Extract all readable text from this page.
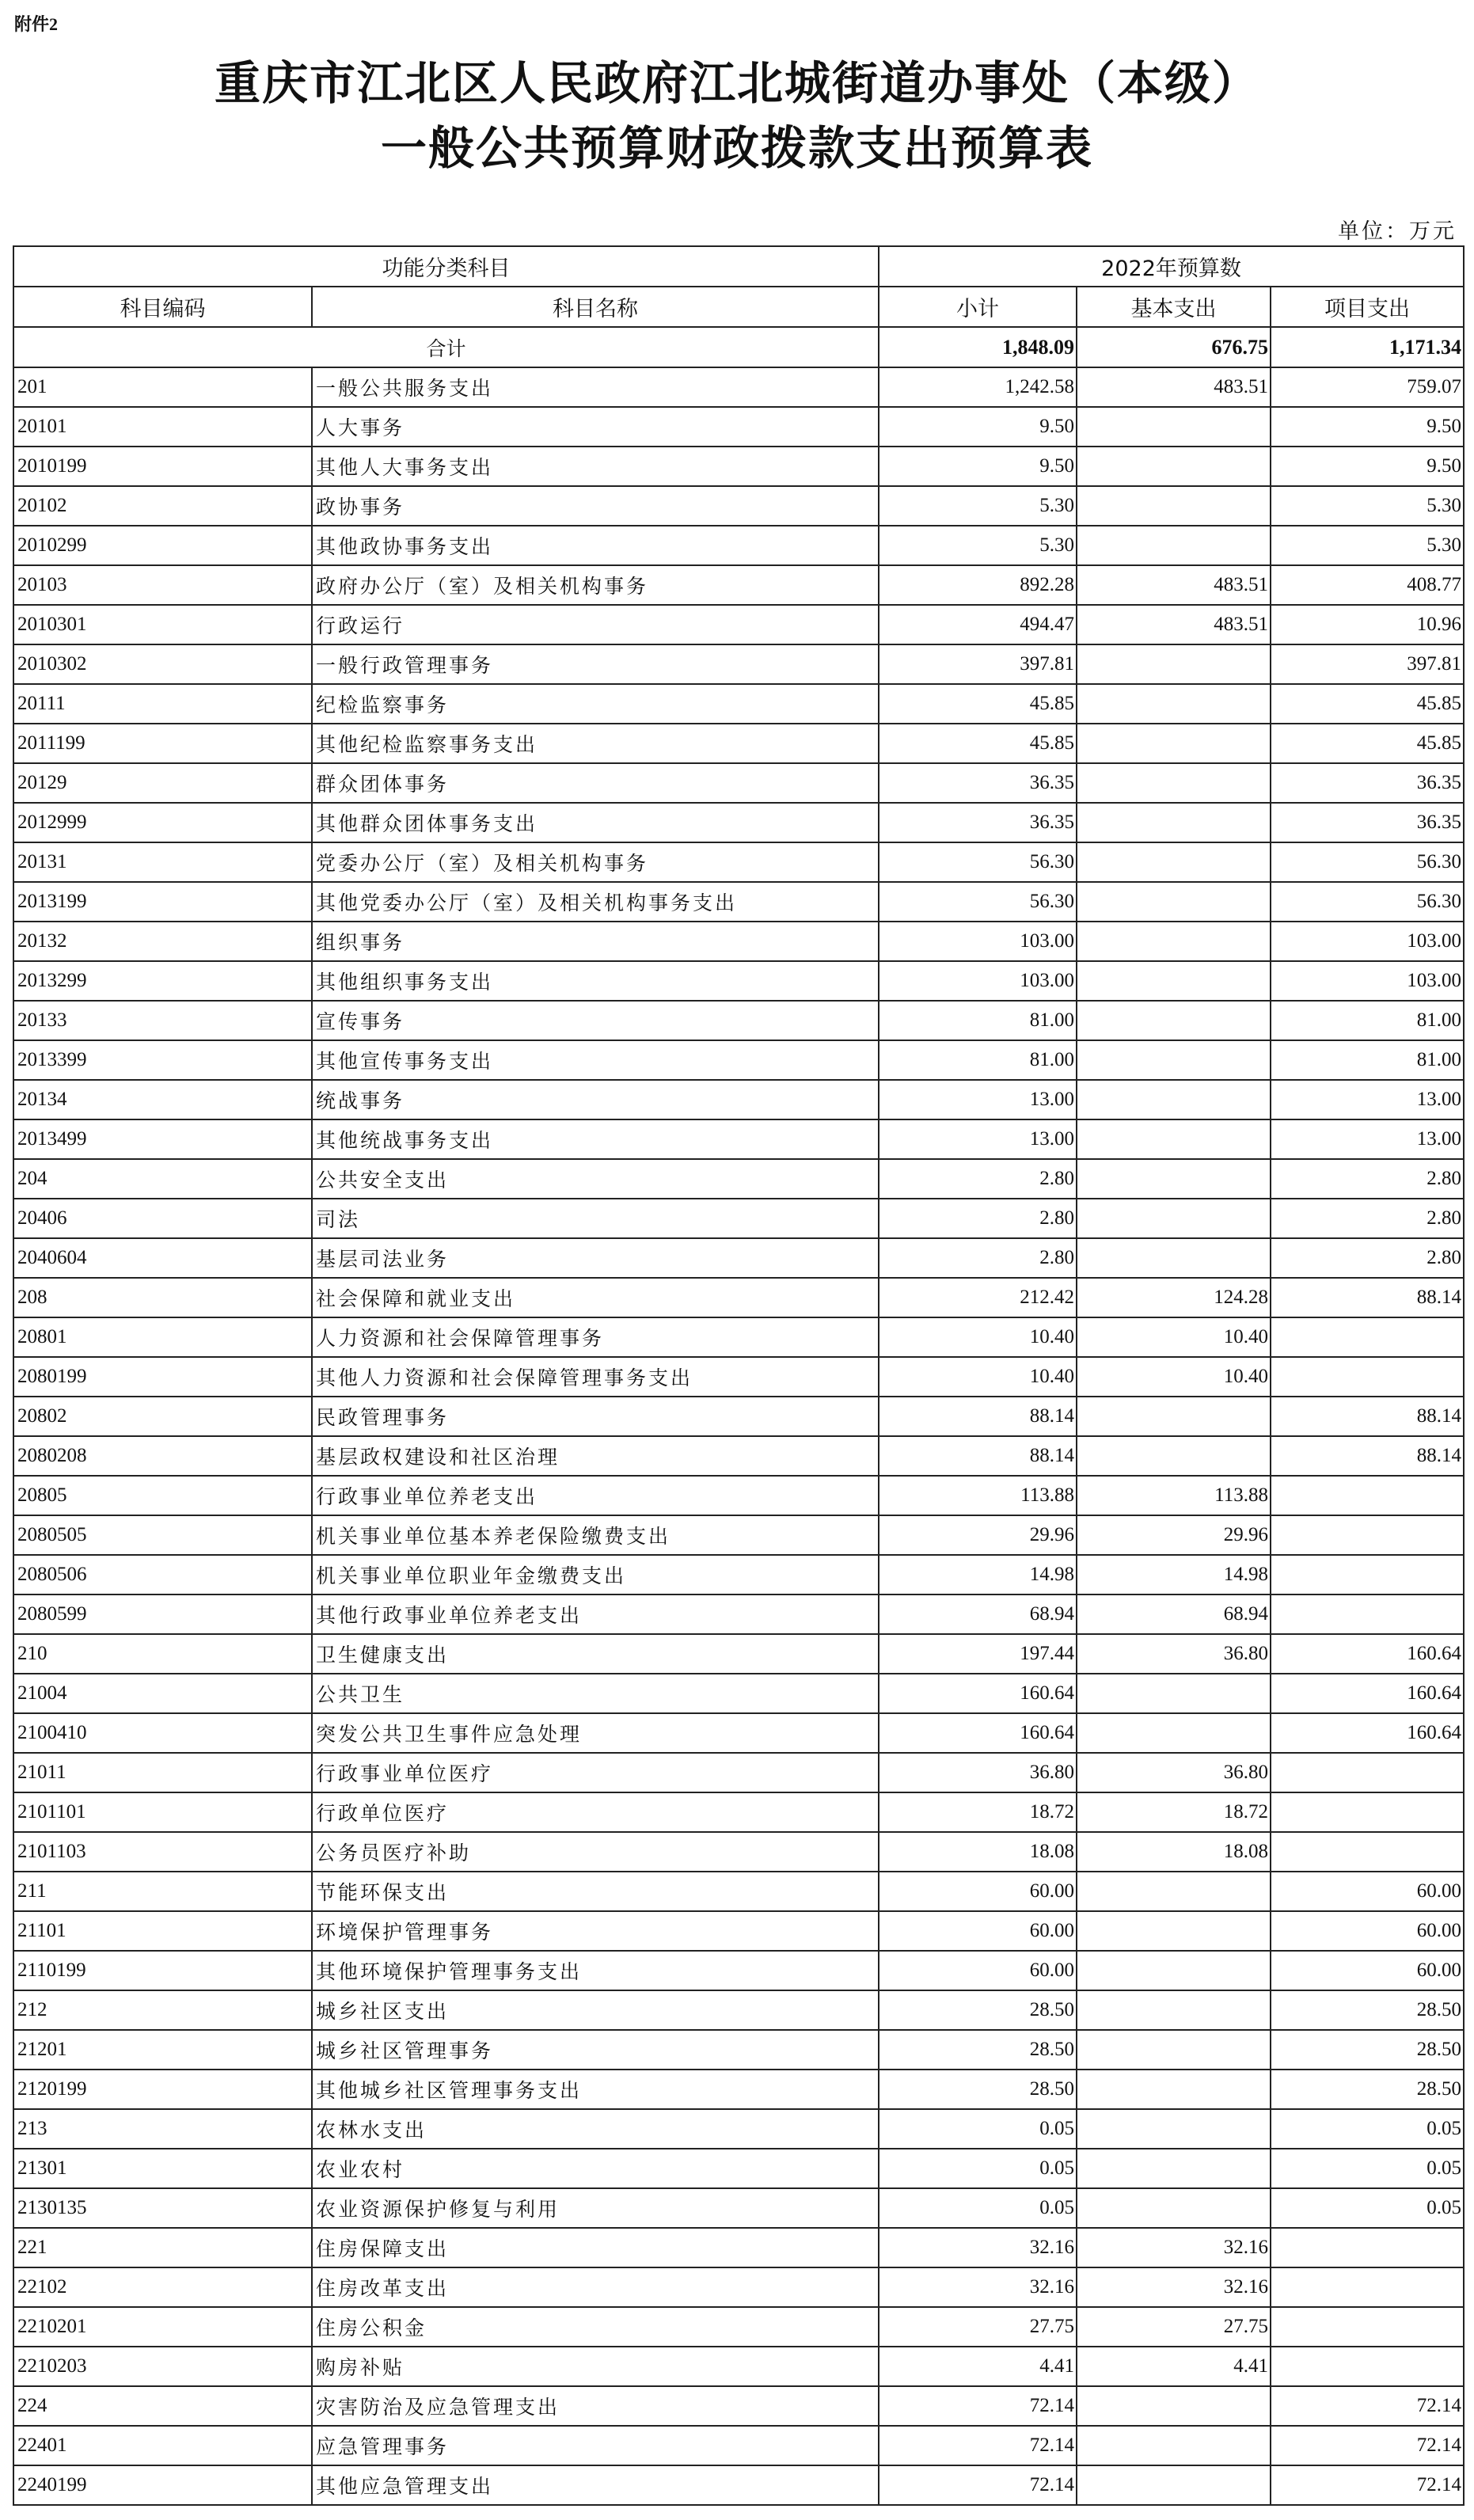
附件2
重庆市江北区人民政府江北城街道办事处（本级）
一般公共预算财政拨款支出预算表
单位：万元
功能分类科目		2022年预算数		
科目编码	科目名称	小计	基本支出	项目支出
合计		1,848.09	676.75	1,171.34
201	一般公共服务支出	1,242.58	483.51	759.07
20101	人大事务	9.50		9.50
2010199	其他人大事务支出	9.50		9.50
20102	政协事务	5.30		5.30
2010299	其他政协事务支出	5.30		5.30
20103	政府办公厅（室）及相关机构事务	892.28	483.51	408.77
2010301	行政运行	494.47	483.51	10.96
2010302	一般行政管理事务	397.81		397.81
20111	纪检监察事务	45.85		45.85
2011199	其他纪检监察事务支出	45.85		45.85
20129	群众团体事务	36.35		36.35
2012999	其他群众团体事务支出	36.35		36.35
20131	党委办公厅（室）及相关机构事务	56.30		56.30
2013199	其他党委办公厅（室）及相关机构事务支出	56.30		56.30
20132	组织事务	103.00		103.00
2013299	其他组织事务支出	103.00		103.00
20133	宣传事务	81.00		81.00
2013399	其他宣传事务支出	81.00		81.00
20134	统战事务	13.00		13.00
2013499	其他统战事务支出	13.00		13.00
204	公共安全支出	2.80		2.80
20406	司法	2.80		2.80
2040604	基层司法业务	2.80		2.80
208	社会保障和就业支出	212.42	124.28	88.14
20801	人力资源和社会保障管理事务	10.40	10.40	
2080199	其他人力资源和社会保障管理事务支出	10.40	10.40	
20802	民政管理事务	88.14		88.14
2080208	基层政权建设和社区治理	88.14		88.14
20805	行政事业单位养老支出	113.88	113.88	
2080505	机关事业单位基本养老保险缴费支出	29.96	29.96	
2080506	机关事业单位职业年金缴费支出	14.98	14.98	
2080599	其他行政事业单位养老支出	68.94	68.94	
210	卫生健康支出	197.44	36.80	160.64
21004	公共卫生	160.64		160.64
2100410	突发公共卫生事件应急处理	160.64		160.64
21011	行政事业单位医疗	36.80	36.80	
2101101	行政单位医疗	18.72	18.72	
2101103	公务员医疗补助	18.08	18.08	
211	节能环保支出	60.00		60.00
21101	环境保护管理事务	60.00		60.00
2110199	其他环境保护管理事务支出	60.00		60.00
212	城乡社区支出	28.50		28.50
21201	城乡社区管理事务	28.50		28.50
2120199	其他城乡社区管理事务支出	28.50		28.50
213	农林水支出	0.05		0.05
21301	农业农村	0.05		0.05
2130135	农业资源保护修复与利用	0.05		0.05
221	住房保障支出	32.16	32.16	
22102	住房改革支出	32.16	32.16	
2210201	住房公积金	27.75	27.75	
2210203	购房补贴	4.41	4.41	
224	灾害防治及应急管理支出	72.14		72.14
22401	应急管理事务	72.14		72.14
2240199	其他应急管理支出	72.14		72.14
